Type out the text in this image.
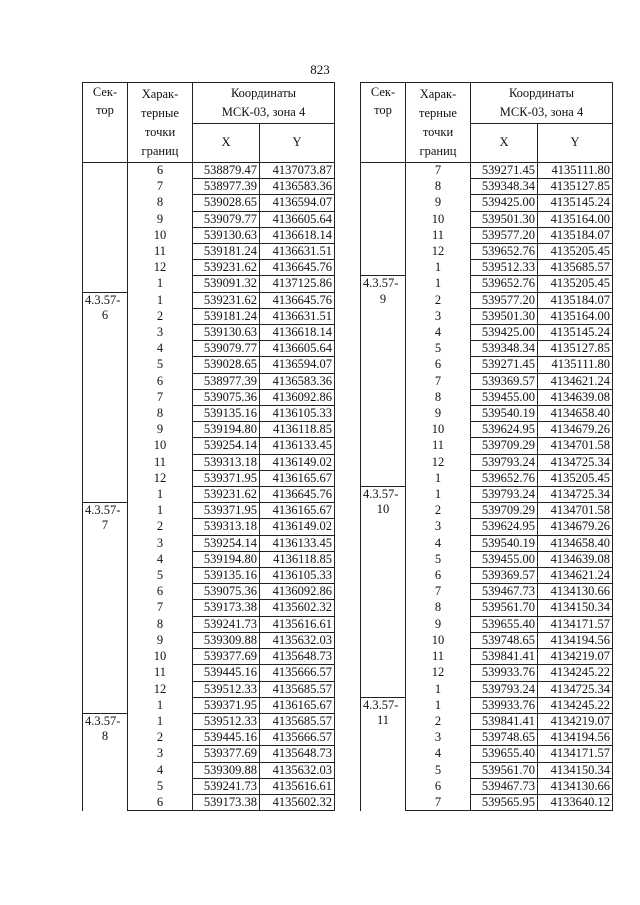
823
Сек-
тор	Харак-
терные
точки
границ	Координаты
МСК-03, зона 4	
		X	Y
	6	538879.47	4137073.87
	7	538977.39	4136583.36
	8	539028.65	4136594.07
	9	539079.77	4136605.64
	10	539130.63	4136618.14
	11	539181.24	4136631.51
	12	539231.62	4136645.76
	1	539091.32	4137125.86
4.3.57-
6	1	539231.62	4136645.76
	2	539181.24	4136631.51
	3	539130.63	4136618.14
	4	539079.77	4136605.64
	5	539028.65	4136594.07
	6	538977.39	4136583.36
	7	539075.36	4136092.86
	8	539135.16	4136105.33
	9	539194.80	4136118.85
	10	539254.14	4136133.45
	11	539313.18	4136149.02
	12	539371.95	4136165.67
	1	539231.62	4136645.76
4.3.57-
7	1	539371.95	4136165.67
	2	539313.18	4136149.02
	3	539254.14	4136133.45
	4	539194.80	4136118.85
	5	539135.16	4136105.33
	6	539075.36	4136092.86
	7	539173.38	4135602.32
	8	539241.73	4135616.61
	9	539309.88	4135632.03
	10	539377.69	4135648.73
	11	539445.16	4135666.57
	12	539512.33	4135685.57
	1	539371.95	4136165.67
4.3.57-
8	1	539512.33	4135685.57
	2	539445.16	4135666.57
	3	539377.69	4135648.73
	4	539309.88	4135632.03
	5	539241.73	4135616.61
	6	539173.38	4135602.32
Сек-
тор	Харак-
терные
точки
границ	Координаты
МСК-03, зона 4	
		X	Y
	7	539271.45	4135111.80
	8	539348.34	4135127.85
	9	539425.00	4135145.24
	10	539501.30	4135164.00
	11	539577.20	4135184.07
	12	539652.76	4135205.45
	1	539512.33	4135685.57
4.3.57-
9	1	539652.76	4135205.45
	2	539577.20	4135184.07
	3	539501.30	4135164.00
	4	539425.00	4135145.24
	5	539348.34	4135127.85
	6	539271.45	4135111.80
	7	539369.57	4134621.24
	8	539455.00	4134639.08
	9	539540.19	4134658.40
	10	539624.95	4134679.26
	11	539709.29	4134701.58
	12	539793.24	4134725.34
	1	539652.76	4135205.45
4.3.57-
10	1	539793.24	4134725.34
	2	539709.29	4134701.58
	3	539624.95	4134679.26
	4	539540.19	4134658.40
	5	539455.00	4134639.08
	6	539369.57	4134621.24
	7	539467.73	4134130.66
	8	539561.70	4134150.34
	9	539655.40	4134171.57
	10	539748.65	4134194.56
	11	539841.41	4134219.07
	12	539933.76	4134245.22
	1	539793.24	4134725.34
4.3.57-
11	1	539933.76	4134245.22
	2	539841.41	4134219.07
	3	539748.65	4134194.56
	4	539655.40	4134171.57
	5	539561.70	4134150.34
	6	539467.73	4134130.66
	7	539565.95	4133640.12
